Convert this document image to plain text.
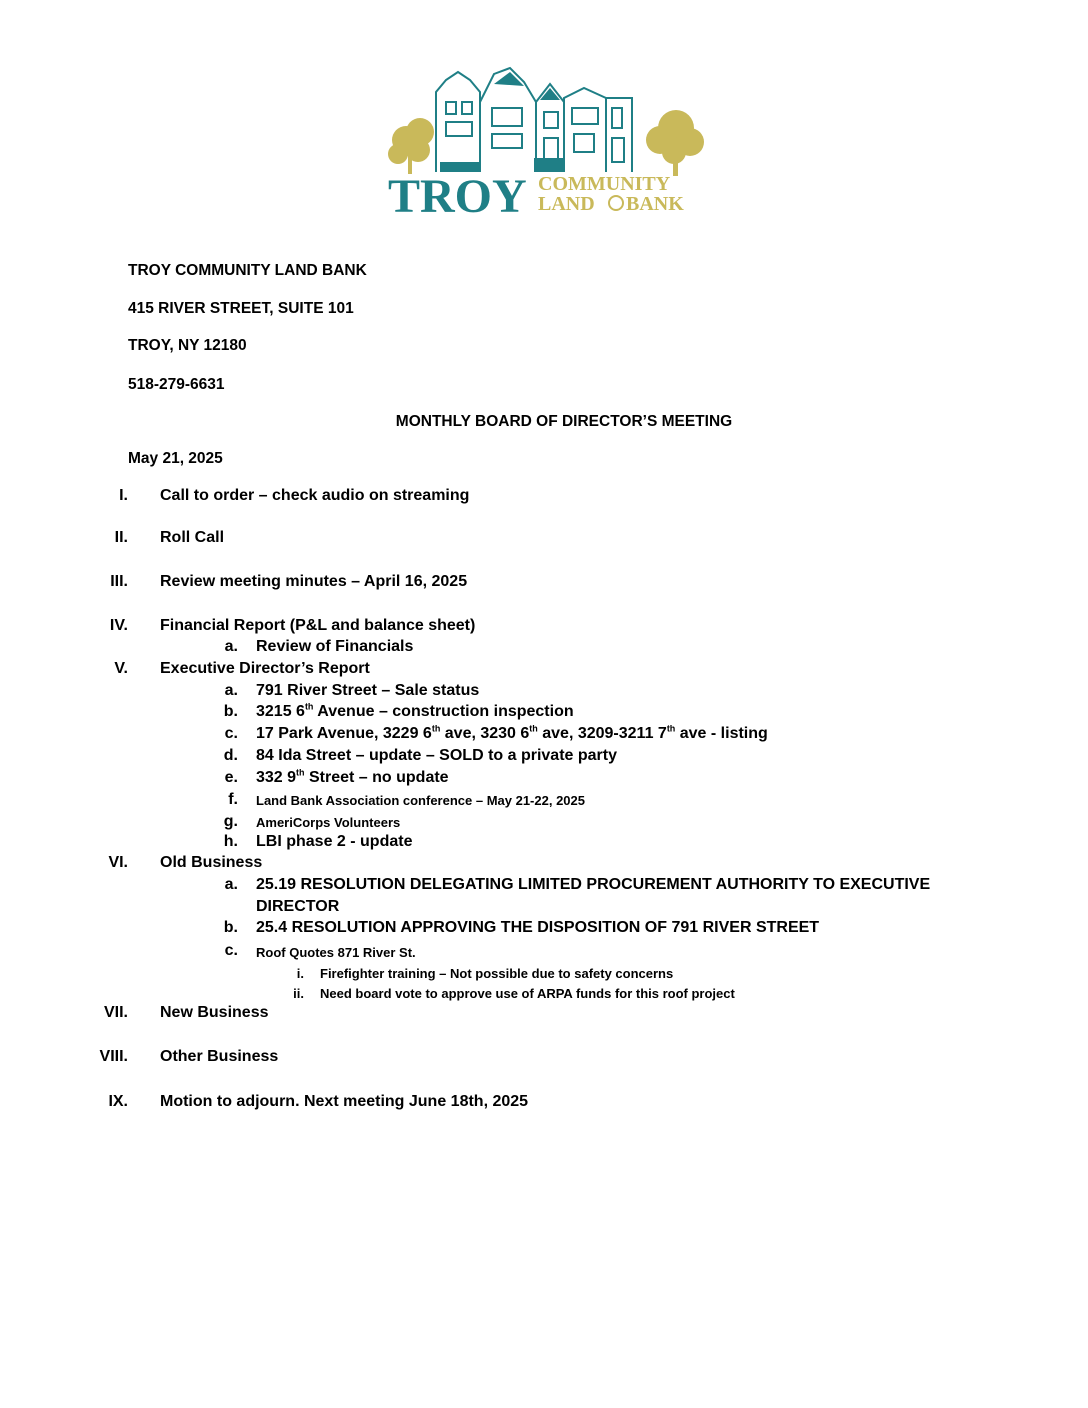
TROY COMMUNITY
LAND BANK
TROY COMMUNITY LAND BANK
415 RIVER STREET, SUITE 101
TROY, NY 12180
518-279-6631
MONTHLY BOARD OF DIRECTOR’S MEETING
May 21, 2025
I. Call to order – check audio on streaming
II. Roll Call
III. Review meeting minutes – April 16, 2025
IV. Financial Report (P&L and balance sheet)
a. Review of Financials
V. Executive Director’s Report
a. 791 River Street – Sale status
b. 3215 6th Avenue – construction inspection
c. 17 Park Avenue, 3229 6th ave, 3230 6th ave, 3209-3211 7th ave - listing
d. 84 Ida Street – update – SOLD to a private party
e. 332 9th Street – no update
f. Land Bank Association conference – May 21-22, 2025
g. AmeriCorps Volunteers
h. LBI phase 2 - update
VI. Old Business
a. 25.19 RESOLUTION DELEGATING LIMITED PROCUREMENT AUTHORITY TO EXECUTIVE
DIRECTOR
b. 25.4 RESOLUTION APPROVING THE DISPOSITION OF 791 RIVER STREET
c. Roof Quotes 871 River St.
i. Firefighter training – Not possible due to safety concerns
ii. Need board vote to approve use of ARPA funds for this roof project
VII. New Business
VIII. Other Business
IX. Motion to adjourn. Next meeting June 18th, 2025
